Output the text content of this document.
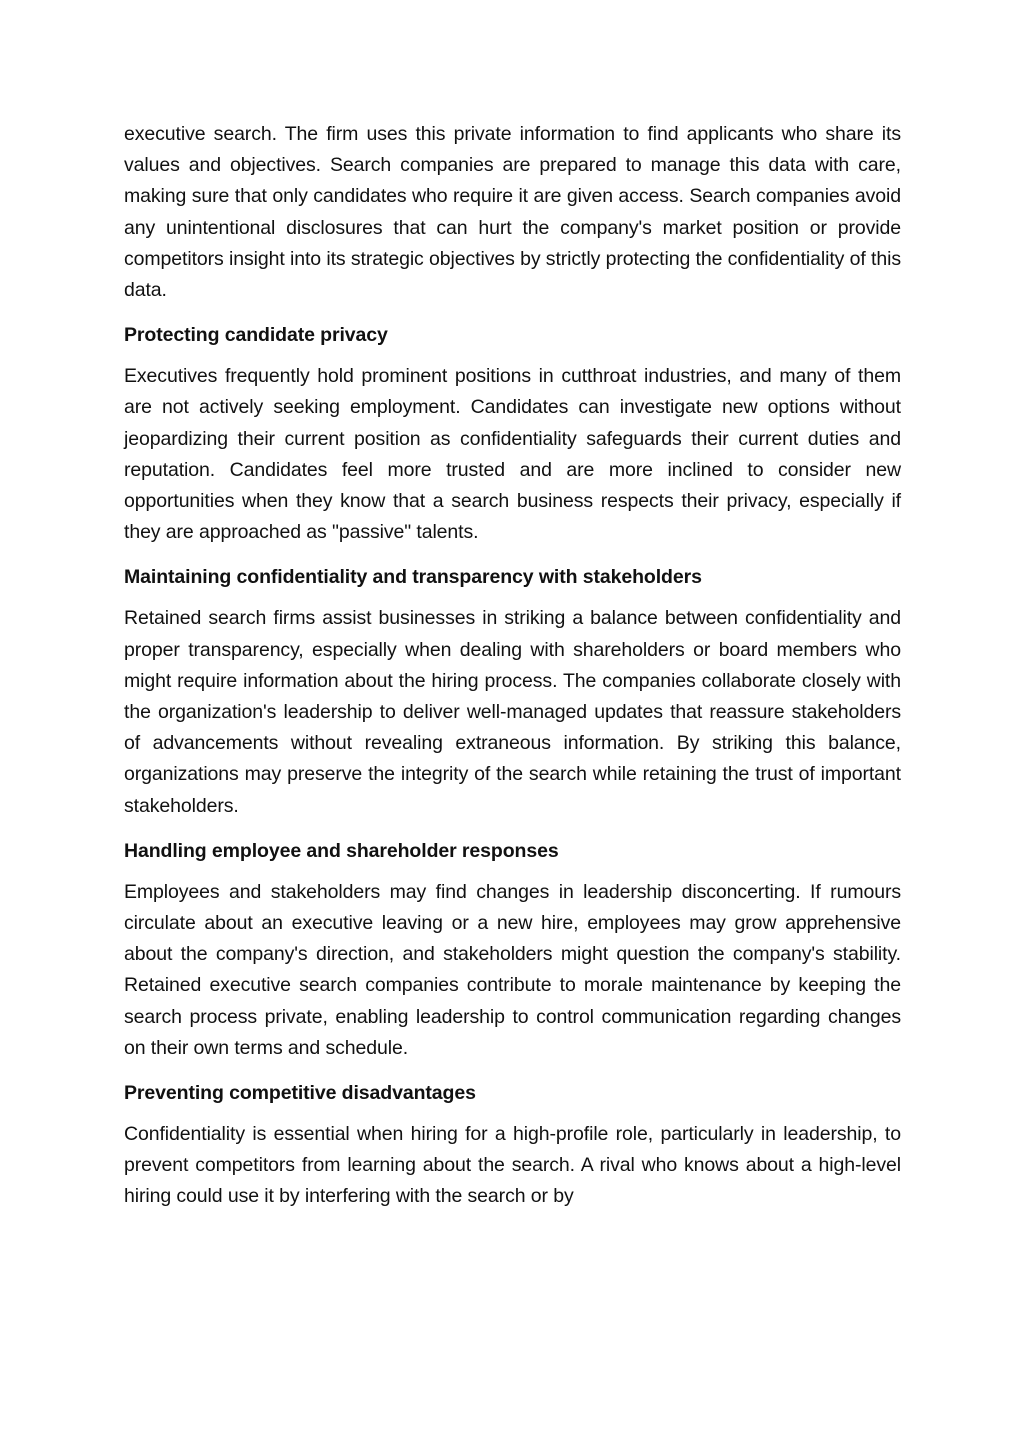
executive search. The firm uses this private information to find applicants who share its values and objectives. Search companies are prepared to manage this data with care, making sure that only candidates who require it are given access. Search companies avoid any unintentional disclosures that can hurt the company's market position or provide competitors insight into its strategic objectives by strictly protecting the confidentiality of this data.

Protecting candidate privacy

Executives frequently hold prominent positions in cutthroat industries, and many of them are not actively seeking employment. Candidates can investigate new options without jeopardizing their current position as confidentiality safeguards their current duties and reputation. Candidates feel more trusted and are more inclined to consider new opportunities when they know that a search business respects their privacy, especially if they are approached as "passive" talents.

Maintaining confidentiality and transparency with stakeholders

Retained search firms assist businesses in striking a balance between confidentiality and proper transparency, especially when dealing with shareholders or board members who might require information about the hiring process. The companies collaborate closely with the organization's leadership to deliver well-managed updates that reassure stakeholders of advancements without revealing extraneous information. By striking this balance, organizations may preserve the integrity of the search while retaining the trust of important stakeholders.

Handling employee and shareholder responses

Employees and stakeholders may find changes in leadership disconcerting. If rumours circulate about an executive leaving or a new hire, employees may grow apprehensive about the company's direction, and stakeholders might question the company's stability. Retained executive search companies contribute to morale maintenance by keeping the search process private, enabling leadership to control communication regarding changes on their own terms and schedule.

Preventing competitive disadvantages

Confidentiality is essential when hiring for a high-profile role, particularly in leadership, to prevent competitors from learning about the search. A rival who knows about a high-level hiring could use it by interfering with the search or by
